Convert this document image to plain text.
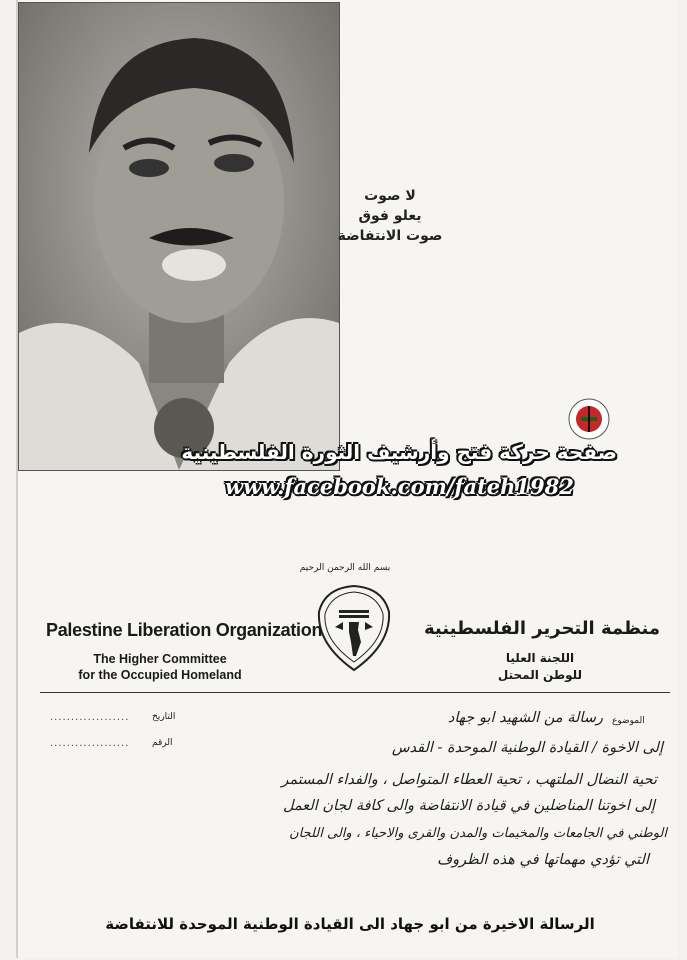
لا صوت
يعلو فوق
صوت الانتفاضة
صفحة حركة فتح وأرشيف الثورة الفلسطينية
www.facebook.com/fateh1982
بسم الله الرحمن الرحيم
Palestine Liberation Organization
The Higher Committee
for the Occupied Homeland
منظمة التحرير الفلسطينية
اللجنة العليا
للوطن المحتل
...................	التاريخ
...................	الرقم
الموضوع
رسالة من الشهيد ابو جهاد
إلى الاخوة / القيادة الوطنية الموحدة - القدس
تحية النضال الملتهب ، تحية العطاء المتواصل ، والفداء المستمر
إلى اخوتنا المناضلين في قيادة الانتفاضة والى كافة لجان العمل
الوطني في الجامعات والمخيمات والمدن والقرى والاحياء ، والى اللجان
التي تؤدي مهماتها في هذه الظروف
الرسالة الاخيرة من ابو جهاد الى القيادة الوطنية الموحدة للانتفاضة
